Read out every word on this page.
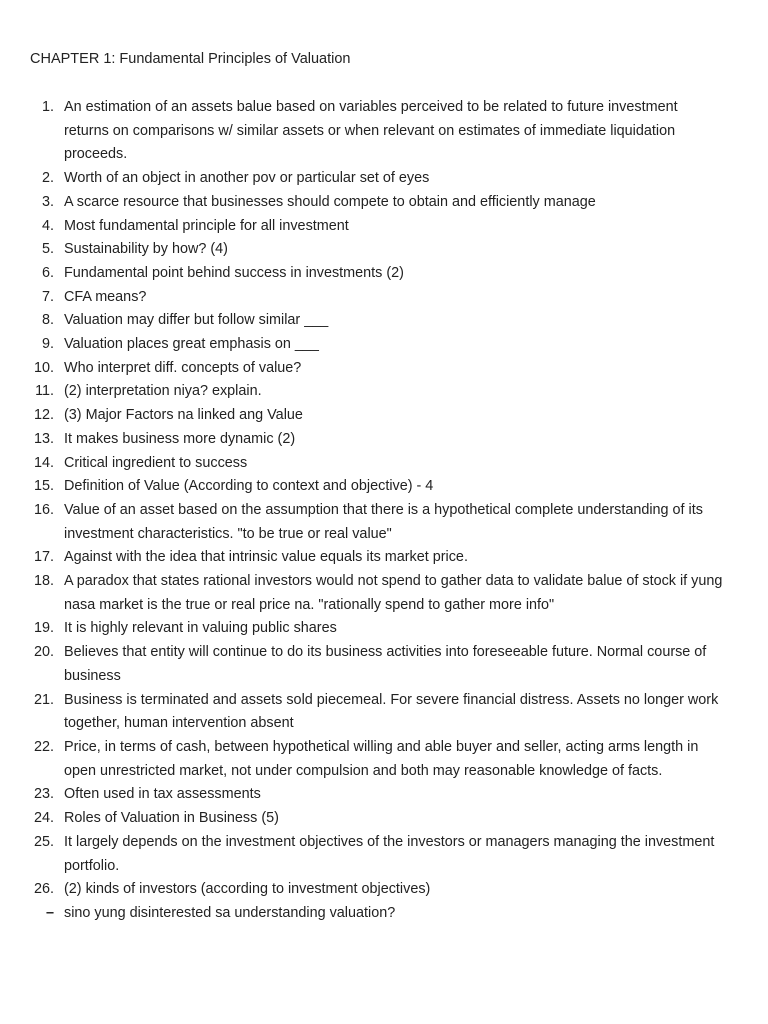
CHAPTER 1: Fundamental Principles of Valuation
1. An estimation of an assets balue based on variables perceived to be related to future investment returns on comparisons w/ similar assets or when relevant on estimates of immediate liquidation proceeds.
2. Worth of an object in another pov or particular set of eyes
3. A scarce resource that businesses should compete to obtain and efficiently manage
4. Most fundamental principle for all investment
5. Sustainability by how? (4)
6. Fundamental point behind success in investments (2)
7. CFA means?
8. Valuation may differ but follow similar ___
9. Valuation places great emphasis on ___
10. Who interpret diff. concepts of value?
11. (2) interpretation niya? explain.
12. (3) Major Factors na linked ang Value
13. It makes business more dynamic (2)
14. Critical ingredient to success
15. Definition of Value (According to context and objective) - 4
16. Value of an asset based on the assumption that there is a hypothetical complete understanding of its investment characteristics. "to be true or real value"
17. Against with the idea that intrinsic value equals its market price.
18. A paradox that states rational investors would not spend to gather data to validate balue of stock if yung nasa market is the true or real price na. "rationally spend to gather more info"
19. It is highly relevant in valuing public shares
20. Believes that entity will continue to do its business activities into foreseeable future. Normal course of business
21. Business is terminated and assets sold piecemeal. For severe financial distress. Assets no longer work together, human intervention absent
22. Price, in terms of cash, between hypothetical willing and able buyer and seller, acting arms length in open unrestricted market, not under compulsion and both may reasonable knowledge of facts.
23. Often used in tax assessments
24. Roles of Valuation in Business (5)
25. It largely depends on the investment objectives of the investors or managers managing the investment portfolio.
26. (2) kinds of investors (according to investment objectives)
– sino yung disinterested sa understanding valuation?
